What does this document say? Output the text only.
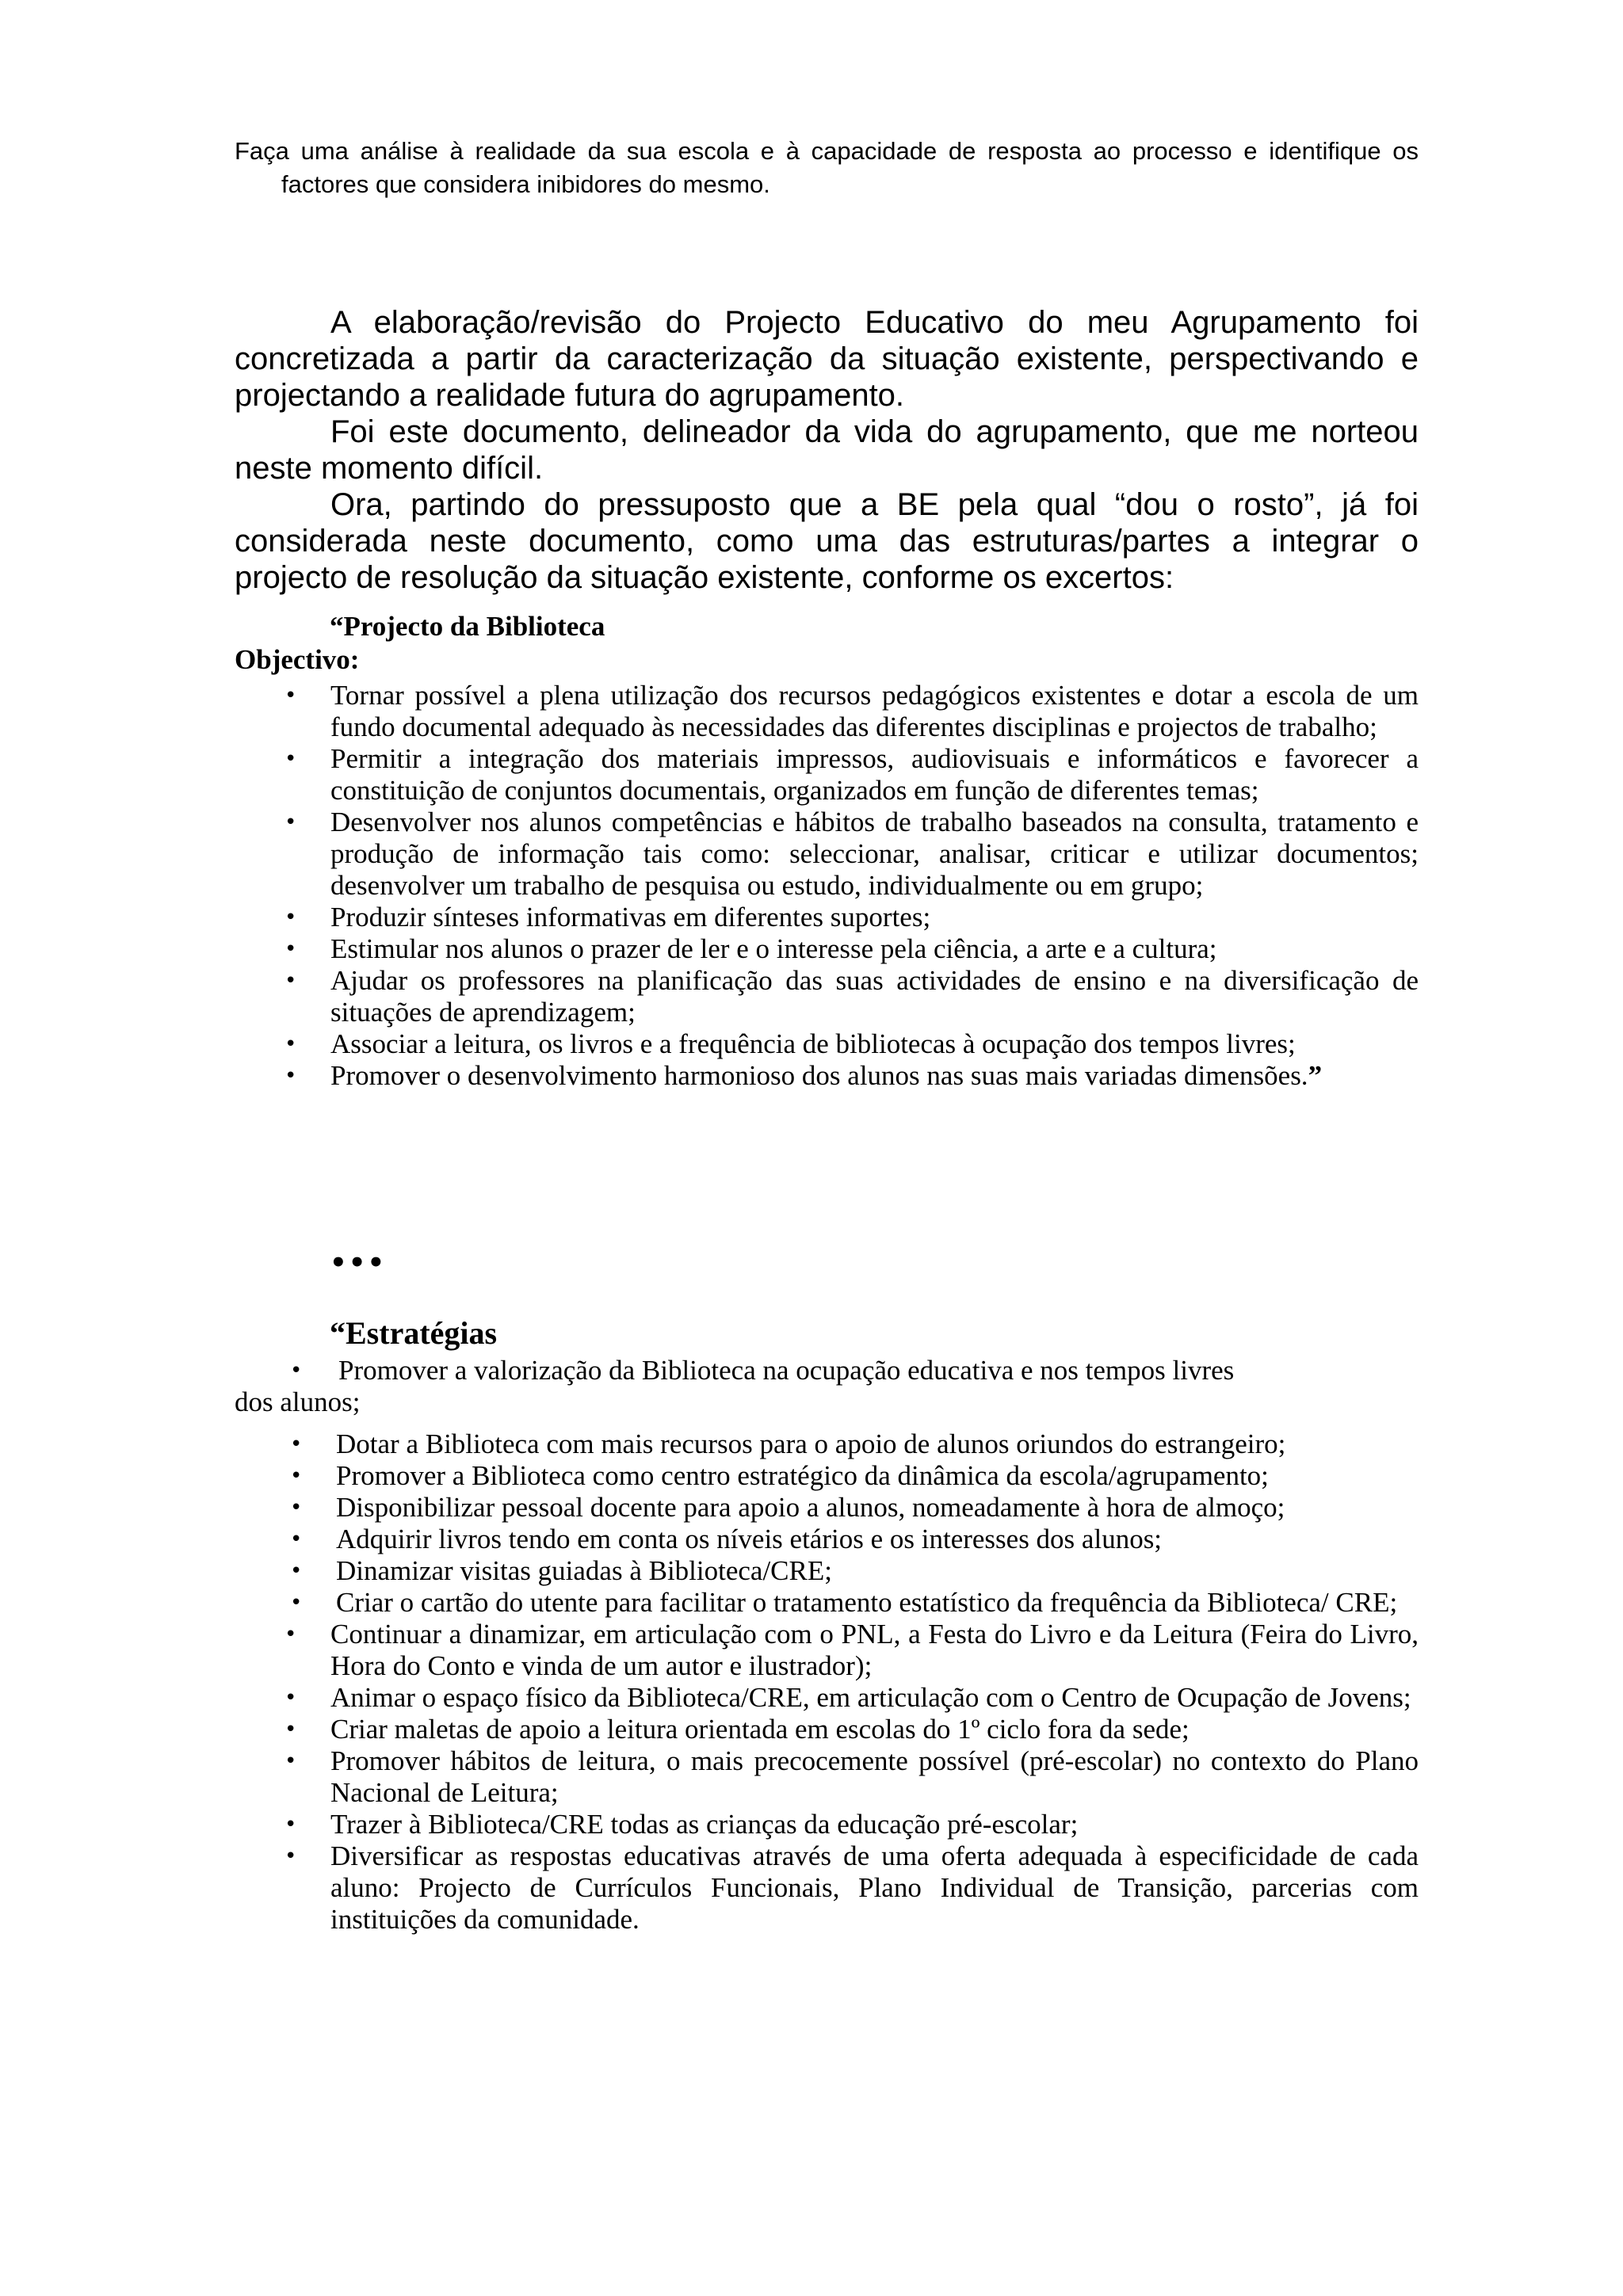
Faça uma análise à realidade da sua escola e à capacidade de resposta ao processo e identifique os factores que considera inibidores do mesmo.

A elaboração/revisão do Projecto Educativo do meu Agrupamento foi concretizada a partir da caracterização da situação existente, perspectivando e projectando a realidade futura do agrupamento.

Foi este documento, delineador da vida do agrupamento, que me norteou neste momento difícil.

Ora, partindo do pressuposto que a BE pela qual “dou o rosto”, já foi considerada neste documento, como uma das estruturas/partes a integrar o projecto de resolução da situação existente, conforme os excertos:

“Projecto da Biblioteca
Objectivo:
• Tornar possível a plena utilização dos recursos pedagógicos existentes e dotar a escola de um fundo documental adequado às necessidades das diferentes disciplinas e projectos de trabalho;
• Permitir a integração dos materiais impressos, audiovisuais e informáticos e favorecer a constituição de conjuntos documentais, organizados em função de diferentes temas;
• Desenvolver nos alunos competências e hábitos de trabalho baseados na consulta, tratamento e produção de informação tais como: seleccionar, analisar, criticar e utilizar documentos; desenvolver um trabalho de pesquisa ou estudo, individualmente ou em grupo;
• Produzir sínteses informativas em diferentes suportes;
• Estimular nos alunos o prazer de ler e o interesse pela ciência, a arte e a cultura;
• Ajudar os professores na planificação das suas actividades de ensino e na diversificação de situações de aprendizagem;
• Associar a leitura, os livros e a frequência de bibliotecas à ocupação dos tempos livres;
• Promover o desenvolvimento harmonioso dos alunos nas suas mais variadas dimensões.”
•••
“Estratégias
• Promover a valorização da Biblioteca na ocupação educativa e nos tempos livres
dos alunos;
• Dotar a Biblioteca com mais recursos para o apoio de alunos oriundos do estrangeiro;
• Promover a Biblioteca como centro estratégico da dinâmica da escola/agrupamento;
• Disponibilizar pessoal docente para apoio a alunos, nomeadamente à hora de almoço;
• Adquirir livros tendo em conta os níveis etários e os interesses dos alunos;
• Dinamizar visitas guiadas à Biblioteca/CRE;
• Criar o cartão do utente para facilitar o tratamento estatístico da frequência da Biblioteca/ CRE;
• Continuar a dinamizar, em articulação com o PNL, a Festa do Livro e da Leitura (Feira do Livro, Hora do Conto e vinda de um autor e ilustrador);
• Animar o espaço físico da Biblioteca/CRE, em articulação com o Centro de Ocupação de Jovens;
• Criar maletas de apoio a leitura orientada em escolas do 1º ciclo fora da sede;
• Promover hábitos de leitura, o mais precocemente possível (pré-escolar) no contexto do Plano Nacional de Leitura;
• Trazer à Biblioteca/CRE todas as crianças da educação pré-escolar;
• Diversificar as respostas educativas através de uma oferta adequada à especificidade de cada aluno: Projecto de Currículos Funcionais, Plano Individual de Transição, parcerias com instituições da comunidade.
